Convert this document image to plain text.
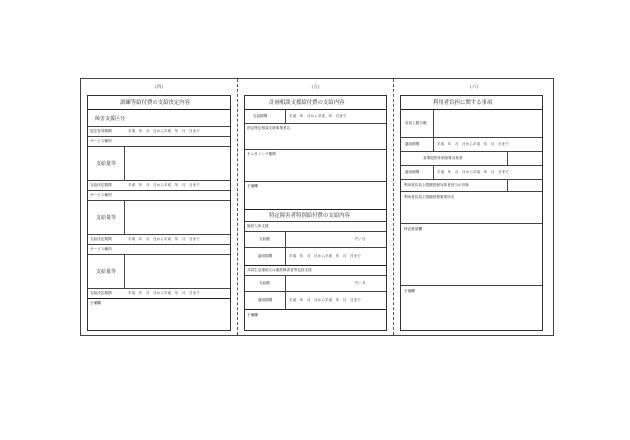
(四)
訓練等給付費の支給決定内容
障害支援区分
認定有効期間	平成　年　月　日から平成　年　月　日まで
サービス種別
支給量等
支給決定期間	平成　年　月　日から平成　年　月　日まで
サービス種別
支給量等
支給決定期間	平成　年　月　日から平成　年　月　日まで
サービス種別
支給量等
支給決定期間	平成　年　月　日から平成　年　月　日まで
予備欄
(五)
計画相談支援給付費の支給内容
支給期間	平成　年　月から平成　年　月まで
指定特定相談支援事業者名
モニタリング期間
予備欄
特定障害者特別給付費の支給内容
施設入所支援
支給額	円／日
適用期間	平成　年　月　日から平成　年　月　日まで
共同生活援助又は重度障害者等包括支援
支給額	円／月
適用期間	平成　年　月　日から平成　年　月　日まで
予備欄
(六)
利用者負担に関する事項
負担上限月額
適用期間	平成　年　月　日から平成　年　月　日まで
食事提供体制加算対象者
適用期間	平成　年　月　日から平成　年　月　日まで
利用者負担上限額管理対象者該当の有無
利用者負担上限額管理事業所名
特記事項欄
予備欄
